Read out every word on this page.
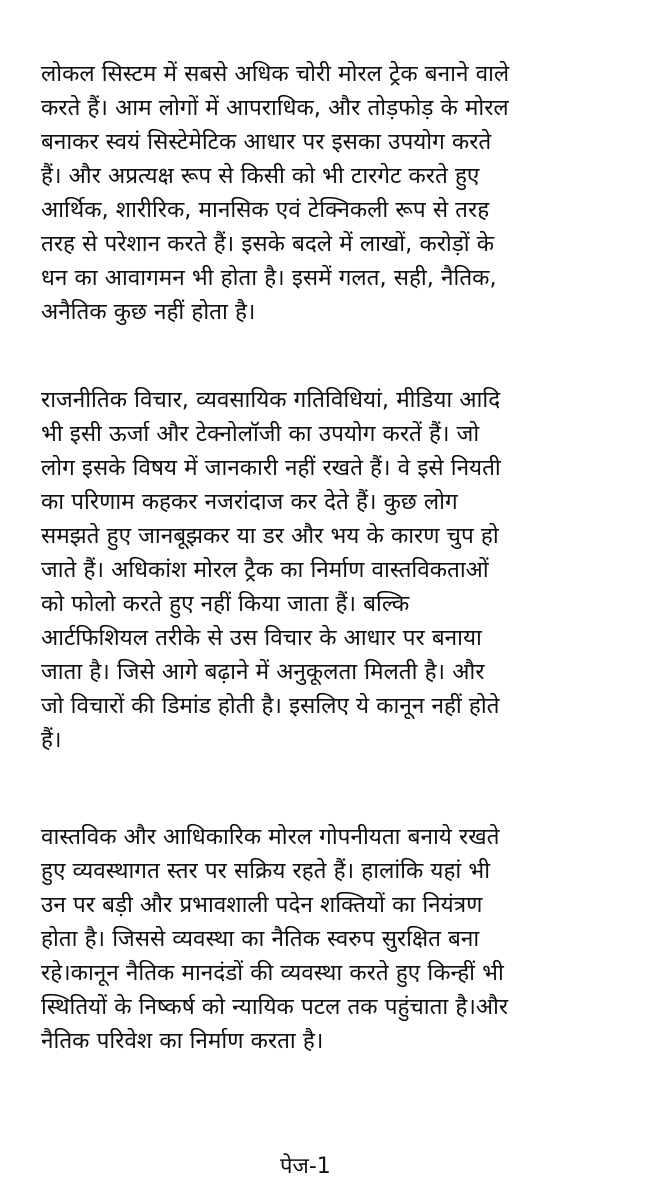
लोकल सिस्टम में सबसे अधिक चोरी मोरल ट्रेक बनाने वाले
करते हैं। आम लोगों में आपराधिक, और तोड़फोड़ के मोरल
बनाकर स्वयं सिस्टेमेटिक आधार पर इसका उपयोग करते
हैं। और अप्रत्यक्ष रूप से किसी को भी टारगेट करते हुए
आर्थिक, शारीरिक, मानसिक एवं टेक्निकली रूप से तरह
तरह से परेशान करते हैं। इसके बदले में लाखों, करोड़ों के
धन का आवागमन भी होता है। इसमें गलत, सही, नैतिक,
अनैतिक कुछ नहीं होता है।
राजनीतिक विचार, व्यवसायिक गतिविधियां, मीडिया आदि
भी इसी ऊर्जा और टेक्नोलॉजी का उपयोग करतें हैं। जो
लोग इसके विषय में जानकारी नहीं रखते हैं। वे इसे नियती
का परिणाम कहकर नजरांदाज कर देते हैं। कुछ लोग
समझते हुए जानबूझकर या डर और भय के कारण चुप हो
जाते हैं। अधिकांश मोरल ट्रैक का निर्माण वास्तविकताओं
को फोलो करते हुए नहीं किया जाता हैं। बल्कि
आर्टफिशियल तरीके से उस विचार के आधार पर बनाया
जाता है। जिसे आगे बढ़ाने में अनुकूलता मिलती है। और
जो विचारों की डिमांड होती है। इसलिए ये कानून नहीं होते
हैं।
वास्तविक और आधिकारिक मोरल गोपनीयता बनाये रखते
हुए व्यवस्थागत स्तर पर सक्रिय रहते हैं। हालांकि यहां भी
उन पर बड़ी और प्रभावशाली पदेन शक्तियों का नियंत्रण
होता है। जिससे व्यवस्था का नैतिक स्वरुप सुरक्षित बना
रहे।कानून नैतिक मानदंडों की व्यवस्था करते हुए किन्हीं भी
स्थितियों के निष्कर्ष को न्यायिक पटल तक पहुंचाता है।और
नैतिक परिवेश का निर्माण करता है।
पेज-1
